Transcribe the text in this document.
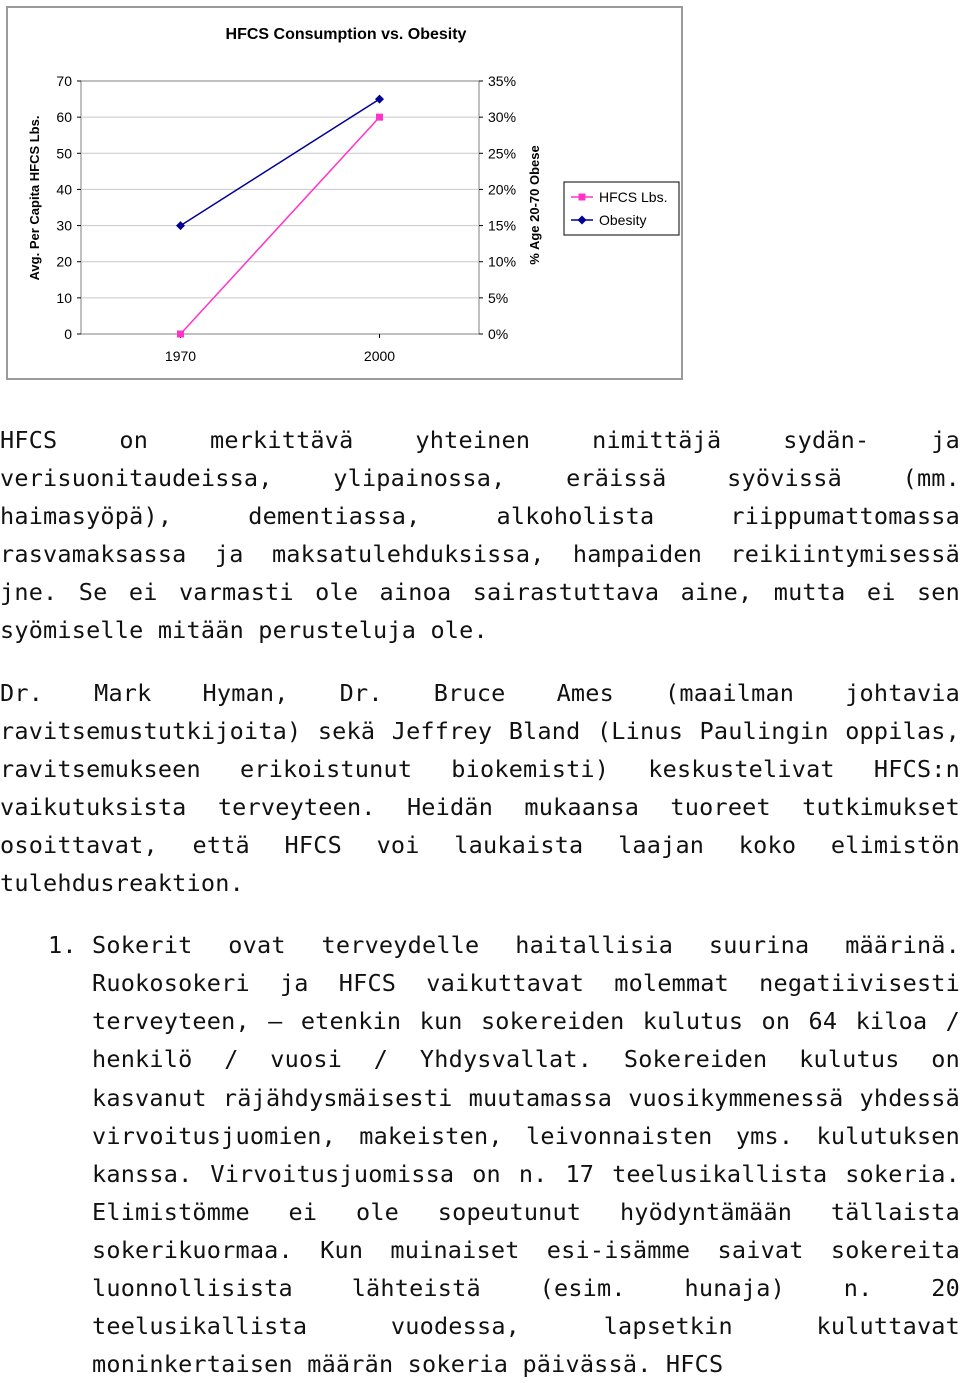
HFCS Consumption vs. Obesity
0
10
20
30
40
50
60
70
0%
5%
10%
15%
20%
25%
30%
35%
1970	2000
Avg. Per Capita HFCS Lbs.	% Age 20-70 Obese	HFCS Lbs.
Obesity

HFCS on merkittävä yhteinen nimittäjä sydän- ja verisuonitaudeissa, ylipainossa, eräissä syövissä (mm. haimasyöpä), dementiassa, alkoholista riippumattomassa rasvamaksassa ja maksatulehduksissa, hampaiden reikiintymisessä jne. Se ei varmasti ole ainoa sairastuttava aine, mutta ei sen syömiselle mitään perusteluja ole.

Dr. Mark Hyman, Dr. Bruce Ames (maailman johtavia ravitsemustutkijoita) sekä Jeffrey Bland (Linus Paulingin oppilas, ravitsemukseen erikoistunut biokemisti) keskustelivat HFCS:n vaikutuksista terveyteen. Heidän mukaansa tuoreet tutkimukset osoittavat, että HFCS voi laukaista laajan koko elimistön tulehdusreaktion.

1. Sokerit ovat terveydelle haitallisia suurina määrinä. Ruokosokeri ja HFCS vaikuttavat molemmat negatiivisesti terveyteen, – etenkin kun sokereiden kulutus on 64 kiloa / henkilö / vuosi / Yhdysvallat. Sokereiden kulutus on kasvanut räjähdysmäisesti muutamassa vuosikymmenessä yhdessä virvoitusjuomien, makeisten, leivonnaisten yms. kulutuksen kanssa. Virvoitusjuomissa on n. 17 teelusikallista sokeria. Elimistömme ei ole sopeutunut hyödyntämään tällaista sokerikuormaa. Kun muinaiset esi-isämme saivat sokereita luonnollisista lähteistä (esim. hunaja) n. 20 teelusikallista vuodessa, lapsetkin kuluttavat moninkertaisen määrän sokeria päivässä. HFCS
